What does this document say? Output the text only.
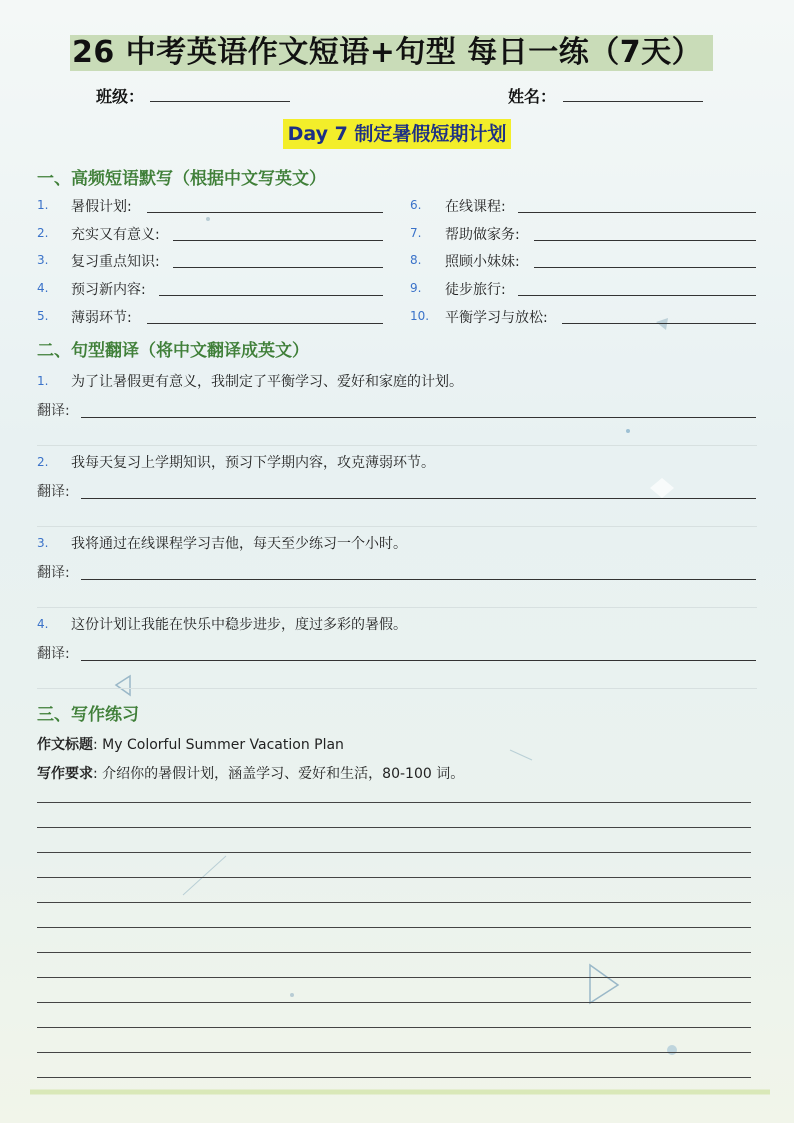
26 中考英语作文短语+句型 每日一练（7天）
班级：	姓名：
Day 7 制定暑假短期计划
一、高频短语默写（根据中文写英文）
1. 暑假计划:
2. 充实又有意义:
3. 复习重点知识:
4. 预习新内容:
5. 薄弱环节:
6. 在线课程:
7. 帮助做家务:
8. 照顾小妹妹:
9. 徒步旅行:
10. 平衡学习与放松:
二、句型翻译（将中文翻译成英文）
1. 为了让暑假更有意义，我制定了平衡学习、爱好和家庭的计划。
翻译:
2. 我每天复习上学期知识，预习下学期内容，攻克薄弱环节。
翻译:
3. 我将通过在线课程学习吉他，每天至少练习一个小时。
翻译:
4. 这份计划让我能在快乐中稳步进步，度过多彩的暑假。
翻译:
三、写作练习
作文标题: My Colorful Summer Vacation Plan
写作要求: 介绍你的暑假计划，涵盖学习、爱好和生活，80-100 词。
